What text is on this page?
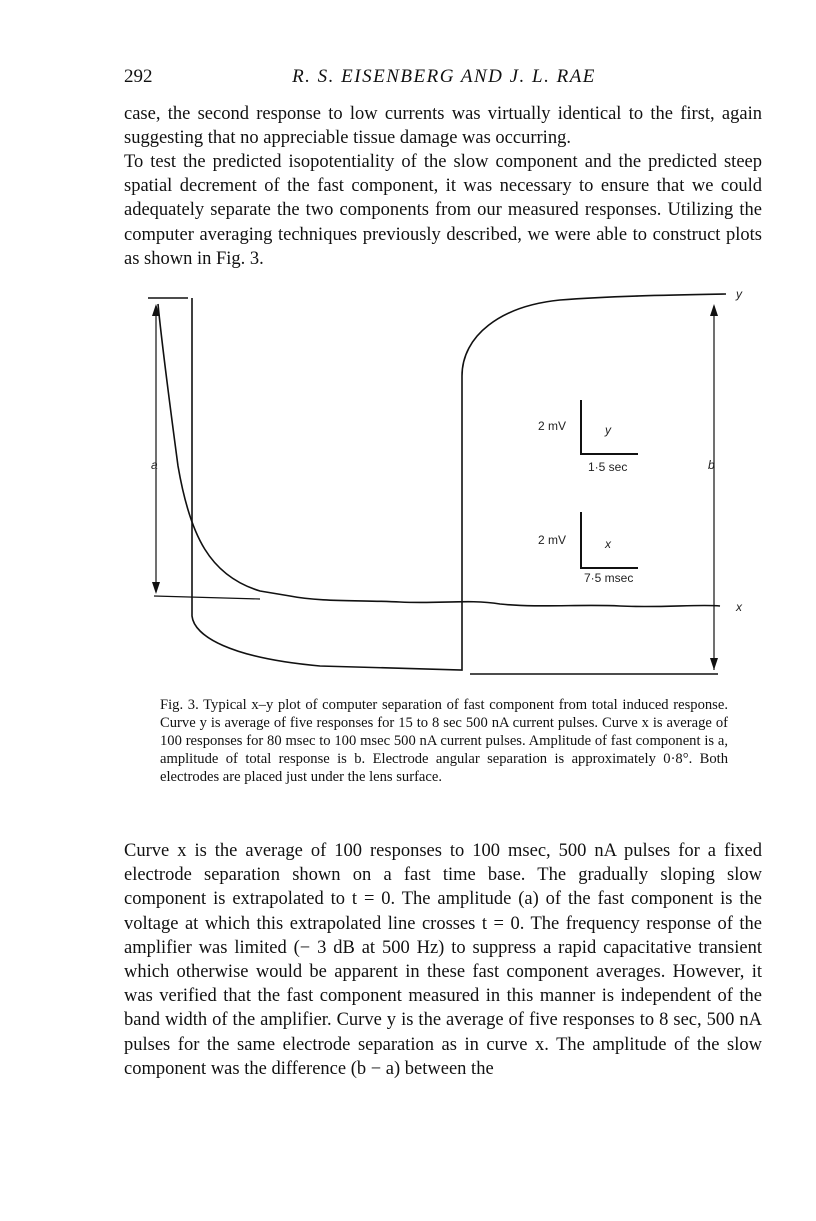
292	R. S. EISENBERG AND J. L. RAE

case, the second response to low currents was virtually identical to the first, again suggesting that no appreciable tissue damage was occurring.

To test the predicted isopotentiality of the slow component and the predicted steep spatial decrement of the fast component, it was necessary to ensure that we could adequately separate the two components from our measured responses. Utilizing the computer averaging techniques previously described, we were able to construct plots as shown in Fig. 3.

a	b
y
x
2 mV	y
1·5 sec
2 mV	x
7·5 msec

Fig. 3. Typical x–y plot of computer separation of fast component from total induced response. Curve y is average of five responses for 15 to 8 sec 500 nA current pulses. Curve x is average of 100 responses for 80 msec to 100 msec 500 nA current pulses. Amplitude of fast component is a, amplitude of total response is b. Electrode angular separation is approximately 0·8°. Both electrodes are placed just under the lens surface.

Curve x is the average of 100 responses to 100 msec, 500 nA pulses for a fixed electrode separation shown on a fast time base. The gradually sloping slow component is extrapolated to t = 0. The amplitude (a) of the fast component is the voltage at which this extrapolated line crosses t = 0. The frequency response of the amplifier was limited (− 3 dB at 500 Hz) to suppress a rapid capacitative transient which otherwise would be apparent in these fast component averages. However, it was verified that the fast component measured in this manner is independent of the band width of the amplifier. Curve y is the average of five responses to 8 sec, 500 nA pulses for the same electrode separation as in curve x. The amplitude of the slow component was the difference (b − a) between the
